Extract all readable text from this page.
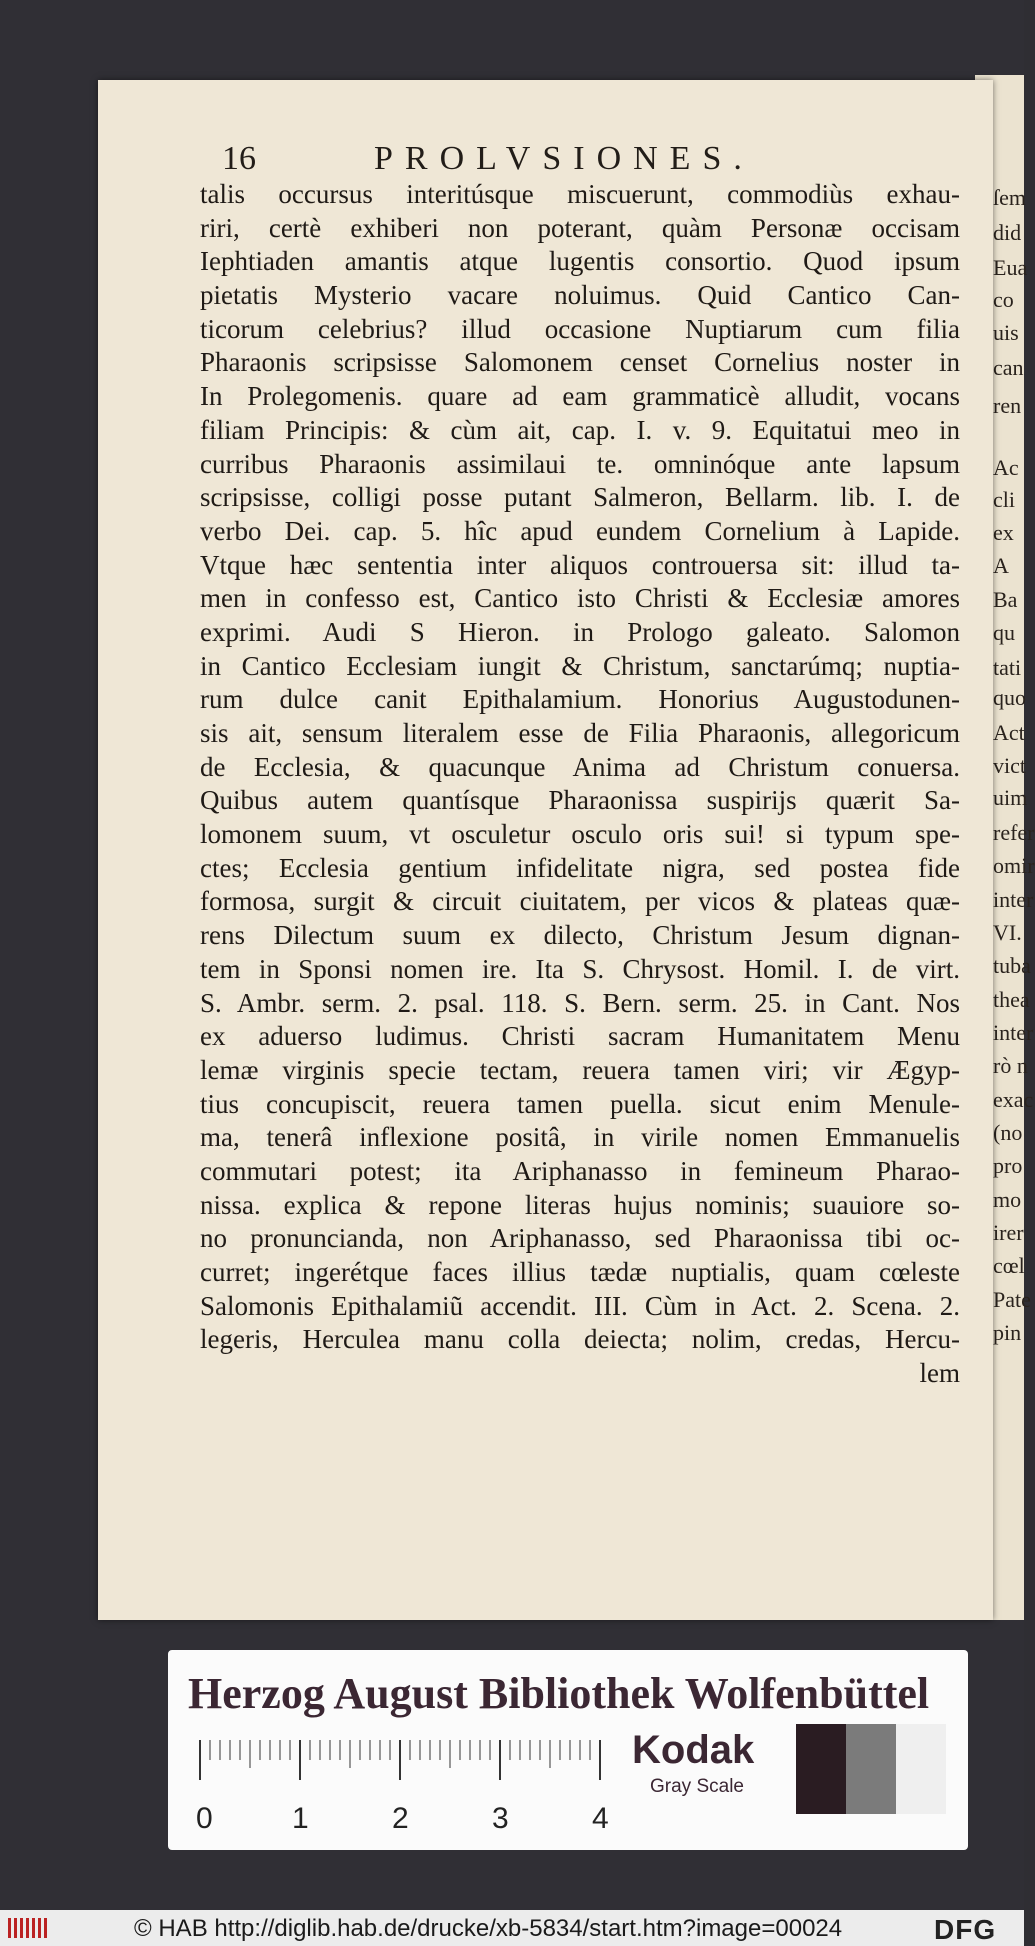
ſem
did
Eua
co
uis
can
ren
Ac
cli
ex
A
Ba
qu
tati
quo
Act
vict
uim
refer
omir
inter
VI.
tuba
thea
inter
rò n
exac
(no
pro
mo
irer
cœl
Pate
pin
16	PROLVSIONES.
talis occursus interitúsque miscuerunt, commodiùs exhau-
riri, certè exhiberi non poterant, quàm Personæ occisam
Iephtiaden amantis atque lugentis consortio. Quod ipsum
pietatis Mysterio vacare noluimus. Quid Cantico Can-
ticorum celebrius? illud occasione Nuptiarum cum filia
Pharaonis scripsisse Salomonem censet Cornelius noster in
In Prolegomenis. quare ad eam grammaticè alludit, vocans
filiam Principis: & cùm ait, cap. I. v. 9. Equitatui meo in
curribus Pharaonis assimilaui te. omninóque ante lapsum
scripsisse, colligi posse putant Salmeron, Bellarm. lib. I. de
verbo Dei. cap. 5. hîc apud eundem Cornelium à Lapide.
Vtque hæc sententia inter aliquos controuersa sit: illud ta-
men in confesso est, Cantico isto Christi & Ecclesiæ amores
exprimi. Audi S Hieron. in Prologo galeato. Salomon
in Cantico Ecclesiam iungit & Christum, sanctarúmq; nuptia-
rum dulce canit Epithalamium. Honorius Augustodunen-
sis ait, sensum literalem esse de Filia Pharaonis, allegoricum
de Ecclesia, & quacunque Anima ad Christum conuersa.
Quibus autem quantísque Pharaonissa suspirijs quærit Sa-
lomonem suum, vt osculetur osculo oris sui! si typum spe-
ctes; Ecclesia gentium infidelitate nigra, sed postea fide
formosa, surgit & circuit ciuitatem, per vicos & plateas quæ-
rens Dilectum suum ex dilecto, Christum Jesum dignan-
tem in Sponsi nomen ire. Ita S. Chrysost. Homil. I. de virt.
S. Ambr. serm. 2. psal. 118. S. Bern. serm. 25. in Cant. Nos
ex aduerso ludimus. Christi sacram Humanitatem Menu
lemæ virginis specie tectam, reuera tamen viri; vir Ægyp-
tius concupiscit, reuera tamen puella. sicut enim Menule-
ma, tenerâ inflexione positâ, in virile nomen Emmanuelis
commutari potest; ita Ariphanasso in femineum Pharao-
nissa. explica & repone literas hujus nominis; suauiore so-
no pronuncianda, non Ariphanasso, sed Pharaonissa tibi oc-
curret; ingerétque faces illius tædæ nuptialis, quam cœleste
Salomonis Epithalamiũ accendit. III. Cùm in Act. 2. Scena. 2.
legeris, Herculea manu colla deiecta; nolim, credas, Hercu-
lem
Herzog August Bibliothek Wolfenbüttel
0	1	2	3	4
Kodak
Gray Scale
© HAB http://diglib.hab.de/drucke/xb-5834/start.htm?image=00024	DFG
